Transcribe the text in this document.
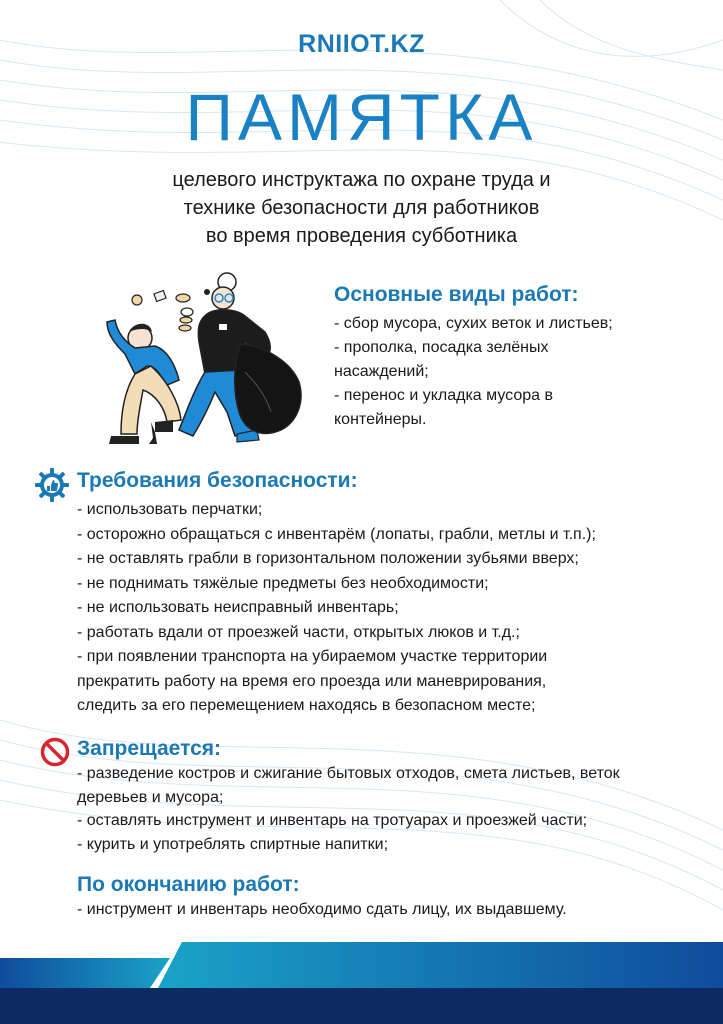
RNIIOT.KZ
ПАМЯТКА
целевого инструктажа по охране труда и
технике безопасности для работников
во время проведения субботника
Основные виды работ:
- сбор мусора, сухих веток и листьев;
- прополка, посадка зелёных
насаждений;
- перенос и укладка мусора в
контейнеры.
Требования безопасности:
- использовать перчатки;
- осторожно обращаться с инвентарём (лопаты, грабли, метлы и т.п.);
- не оставлять грабли в горизонтальном положении зубьями вверх;
- не поднимать тяжёлые предметы без необходимости;
- не использовать неисправный инвентарь;
- работать вдали от проезжей части, открытых люков и т.д.;
- при появлении транспорта на убираемом участке территории
прекратить работу на время его проезда или маневрирования,
следить за его перемещением находясь в безопасном месте;
Запрещается:
- разведение костров и сжигание бытовых отходов, смета листьев, веток
деревьев и мусора;
- оставлять инструмент и инвентарь на тротуарах и проезжей части;
- курить и употреблять спиртные напитки;
По окончанию работ:
- инструмент и инвентарь необходимо сдать лицу, их выдавшему.
